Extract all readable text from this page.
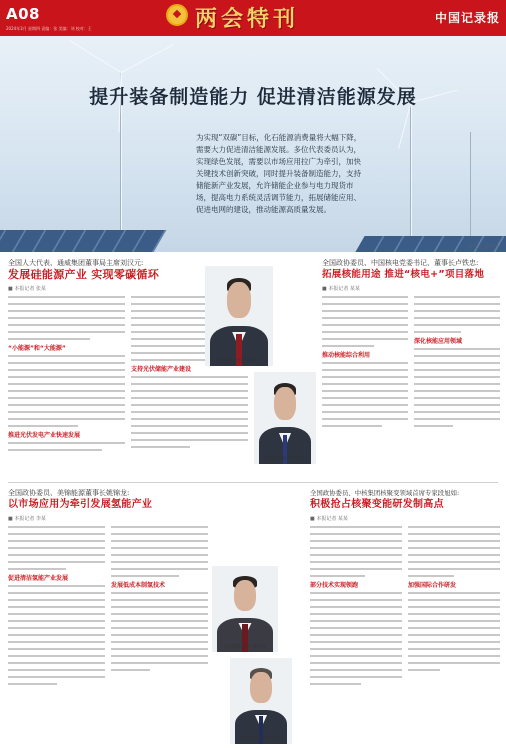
A08	两会特刊	中国记录报
2024年3月 星期四 责编：张 美编：刘 校对：王
提升装备制造能力 促进清洁能源发展
为实现“双碳”目标，化石能源消费量将大幅下降，需要大力促进清洁能源发展。多位代表委员认为，实现绿色发展，需要以市场应用拉广为牵引，加快关键技术创新突破，同时提升装备制造能力，支持储能新产业发展，允许储能企业参与电力现货市场，提高电力系统灵活调节能力，拓展储能应用、促进电网的建设，推动能源高质量发展。
视觉中国供图
全国人大代表、通威集团董事局主席刘汉元:
发展硅能源产业 实现零碳循环
■ 本报记者 张某
“小能源”和“大能源”
推进光伏发电产业快速发展
支持光伏储能产业建设
全国人大代表 刘汉元
全国政协委员 卢铁忠
全国政协委员、中国核电党委书记、董事长卢铁忠:
拓展核能用途 推进“核电+”项目落地
■ 本报记者 某某
推动核能综合利用
深化核能应用领域
全国政协委员、美锦能源董事长姚锦龙:
以市场应用为牵引发展氢能产业
■ 本报记者 李某
促进清洁氢能产业发展
发展低成本制氢技术
全国政协委员 姚锦龙
全国政协委员 段旭如
全国政协委员、中核集团核聚变领域首席专家段旭如:
积极抢占核聚变能研发制高点
■ 本报记者 某某
部分技术实现领跑	加强国际合作研发
